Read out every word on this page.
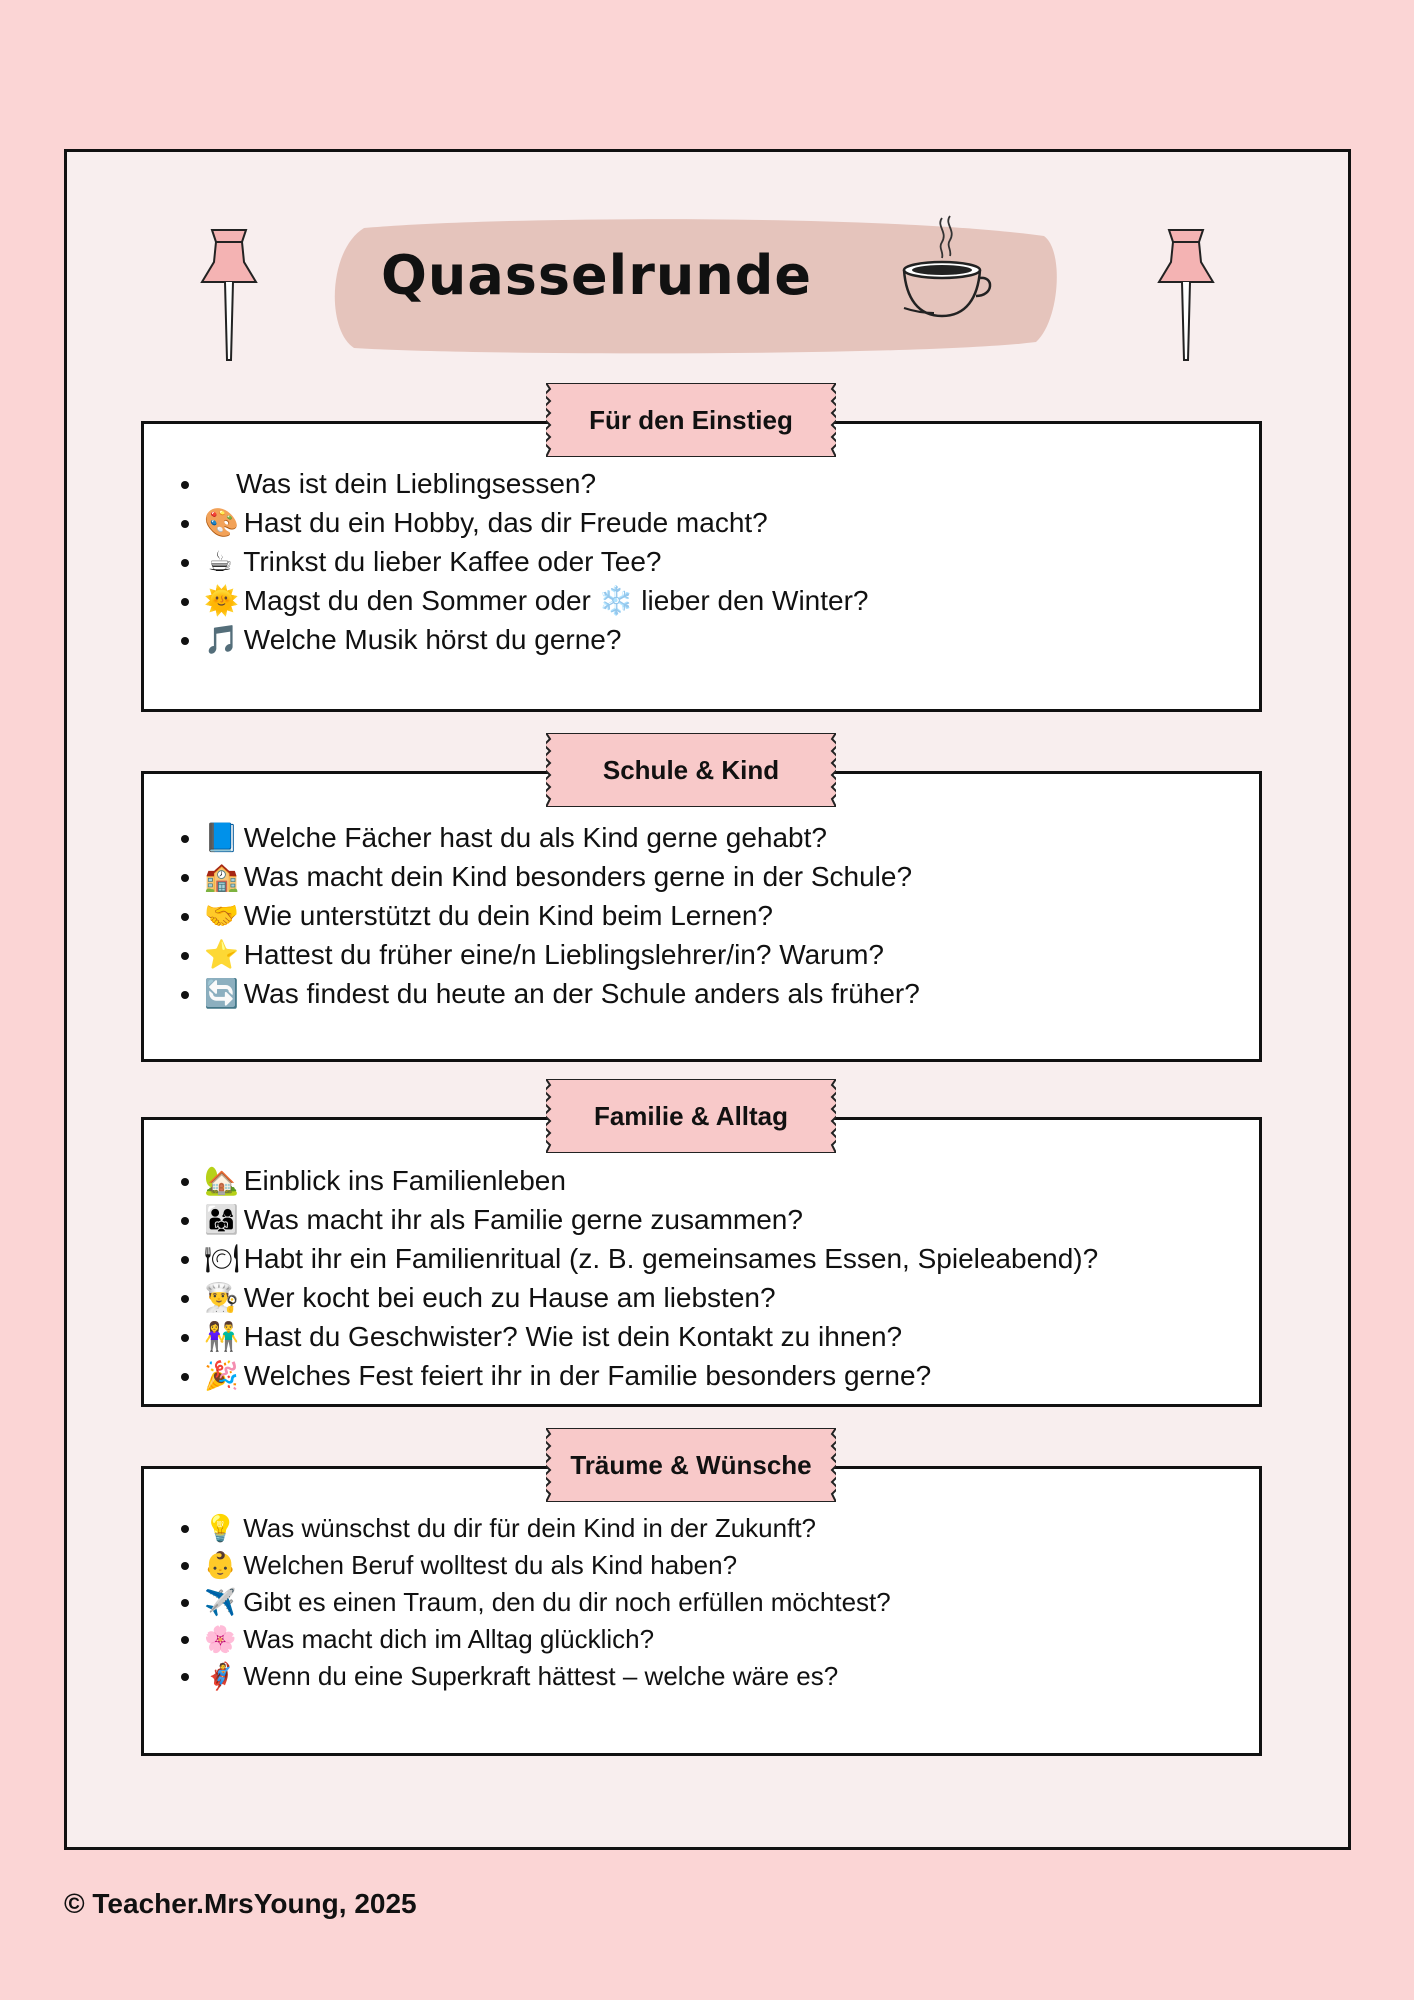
Quasselrunde
Für den Einstieg
• Was ist dein Lieblingsessen?
• 🎨 Hast du ein Hobby, das dir Freude macht?
• ☕ Trinkst du lieber Kaffee oder Tee?
• 🌞 Magst du den Sommer oder ❄️ lieber den Winter?
• 🎵 Welche Musik hörst du gerne?
Schule & Kind
• 📘 Welche Fächer hast du als Kind gerne gehabt?
• 🏫 Was macht dein Kind besonders gerne in der Schule?
• 🤝 Wie unterstützt du dein Kind beim Lernen?
• ⭐ Hattest du früher eine/n Lieblingslehrer/in? Warum?
• 🔄 Was findest du heute an der Schule anders als früher?
Familie & Alltag
• 🏡 Einblick ins Familienleben
• 👨‍👩‍👧 Was macht ihr als Familie gerne zusammen?
• 🍽 Habt ihr ein Familienritual (z. B. gemeinsames Essen, Spieleabend)?
• 👨‍🍳 Wer kocht bei euch zu Hause am liebsten?
• 👫 Hast du Geschwister? Wie ist dein Kontakt zu ihnen?
• 🎉 Welches Fest feiert ihr in der Familie besonders gerne?
Träume & Wünsche
• 💡 Was wünschst du dir für dein Kind in der Zukunft?
• 👶 Welchen Beruf wolltest du als Kind haben?
• ✈️ Gibt es einen Traum, den du dir noch erfüllen möchtest?
• 🌸 Was macht dich im Alltag glücklich?
• 🦸 Wenn du eine Superkraft hättest – welche wäre es?
© Teacher.MrsYoung, 2025
